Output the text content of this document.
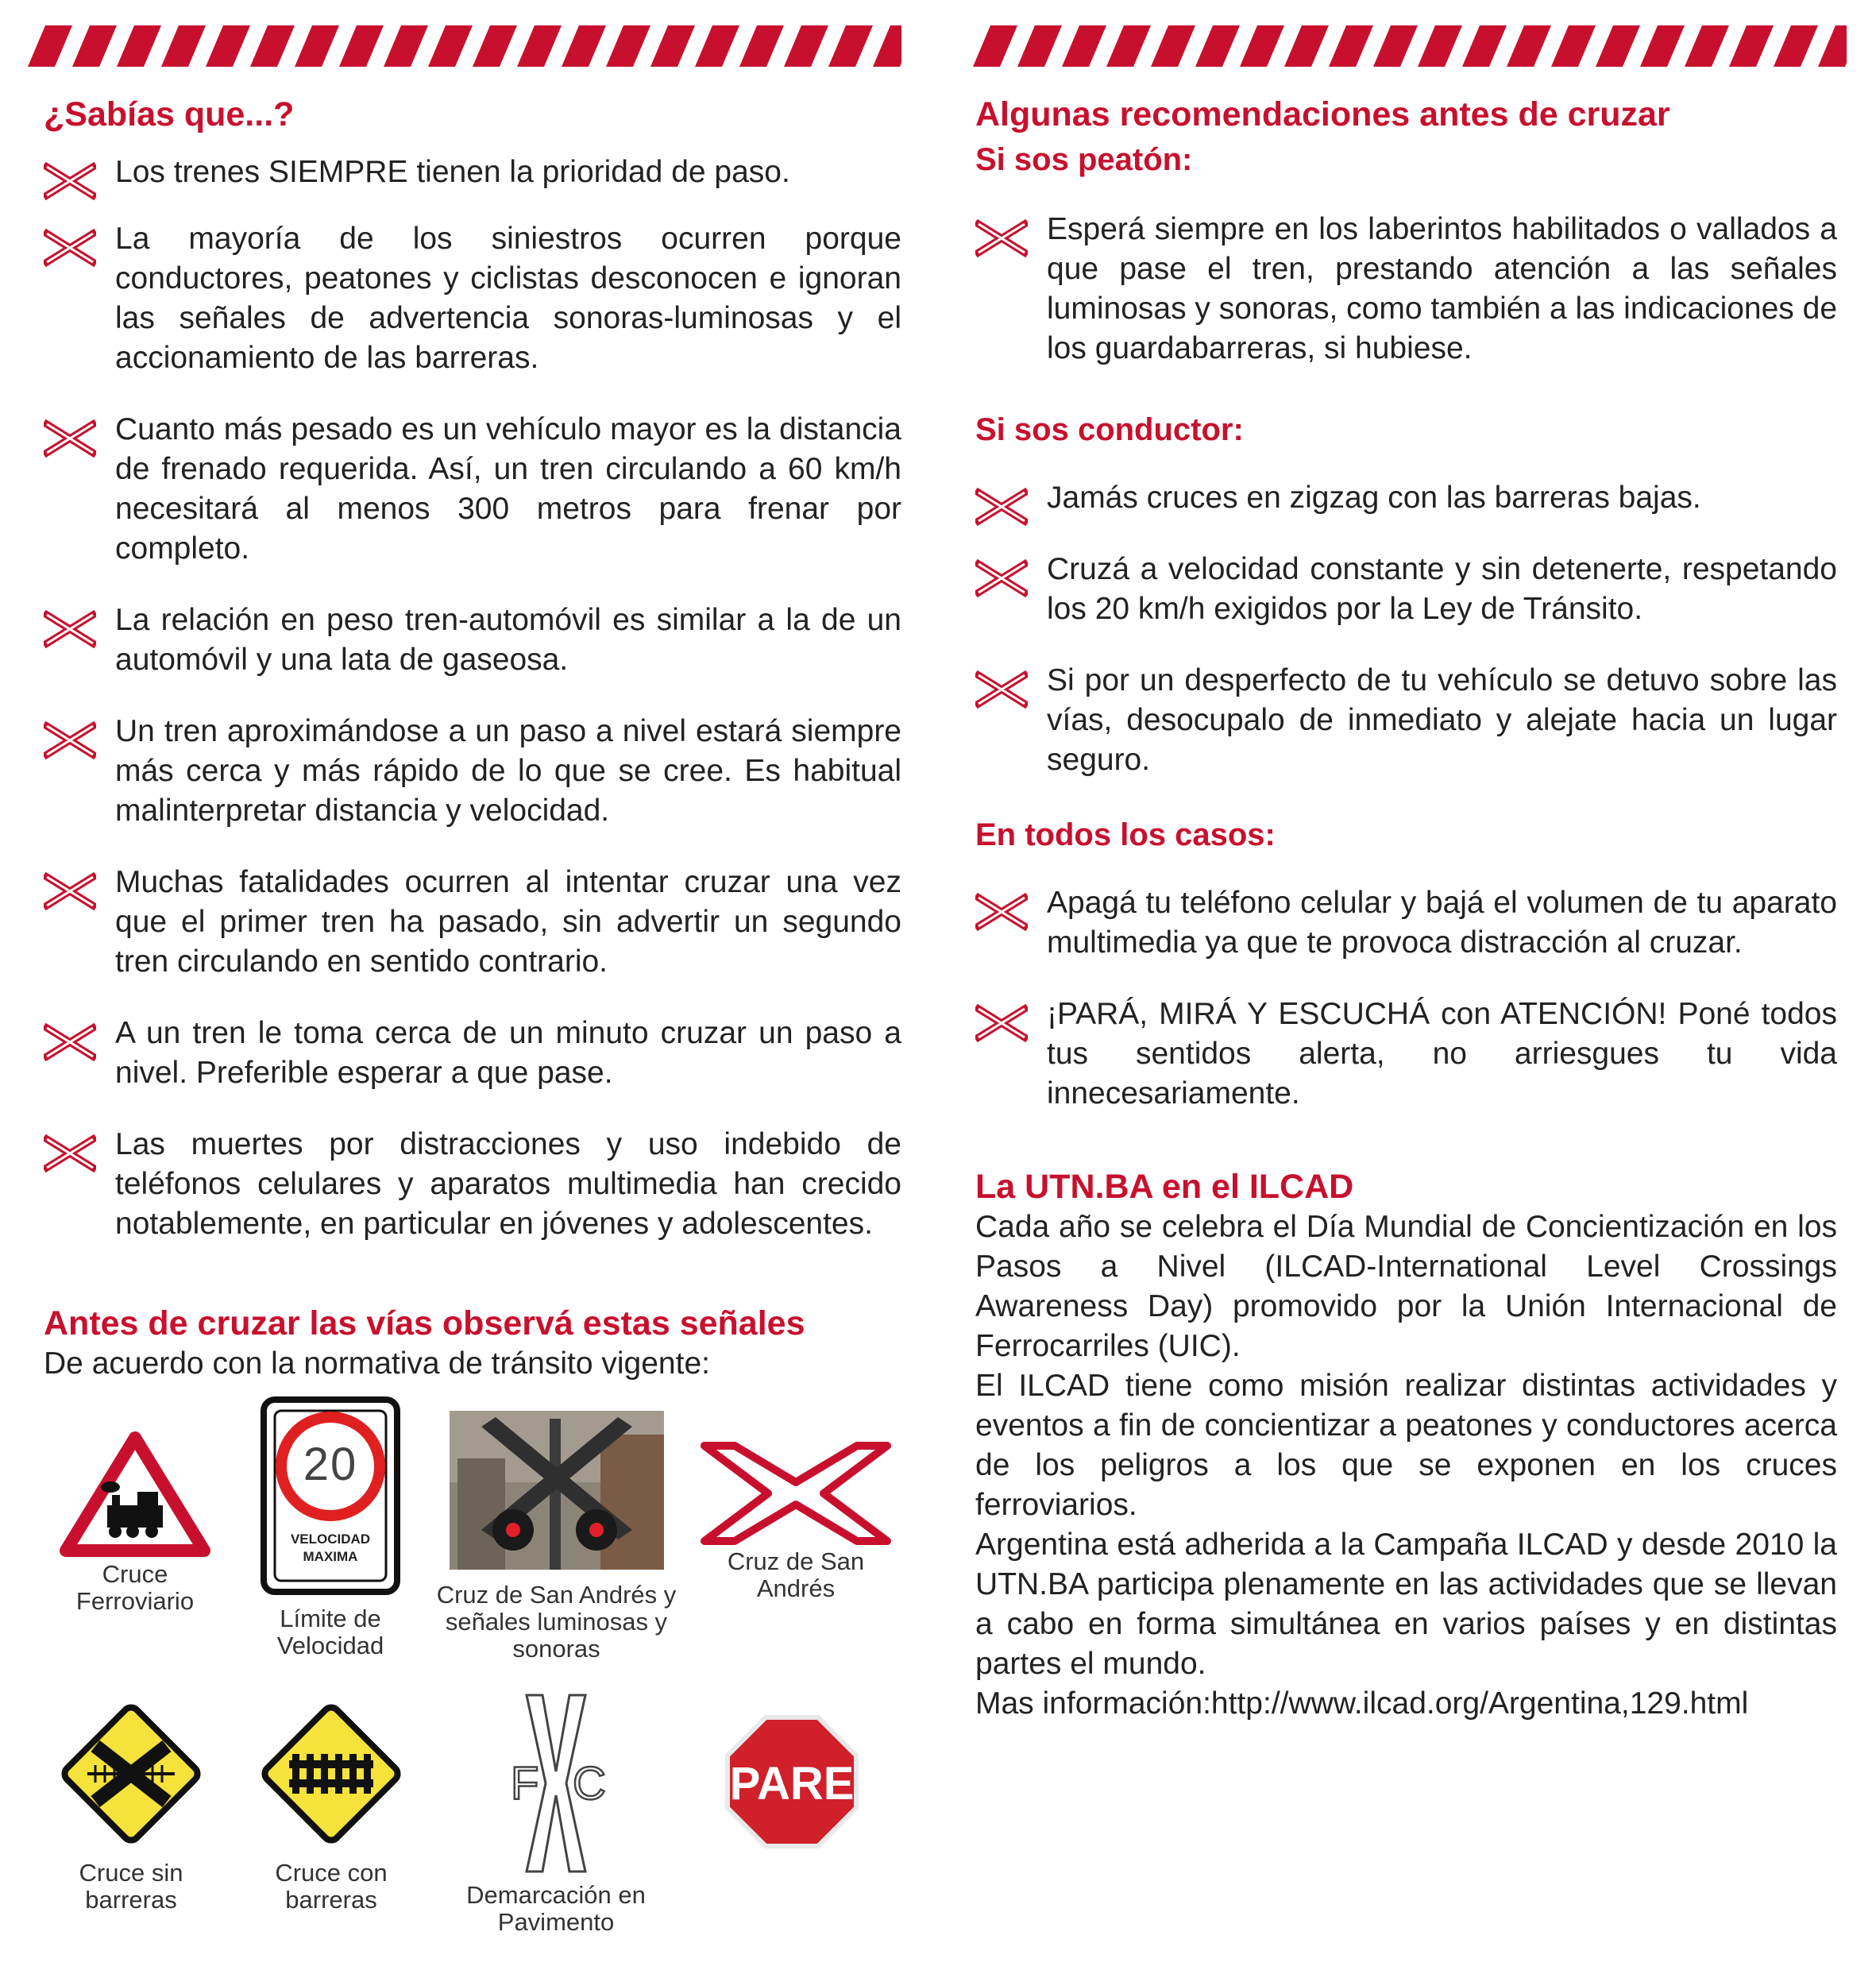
¿Sabías que...?
Los trenes SIEMPRE tienen la prioridad de paso.
La mayoría de los siniestros ocurren porque conductores, peatones y ciclistas desconocen e ignoran las señales de advertencia sonoras-luminosas y el accionamiento de las barreras.
Cuanto más pesado es un vehículo mayor es la distancia de frenado requerida. Así, un tren circulando a 60 km/h necesitará al menos 300 metros para frenar por completo.
La relación en peso tren-automóvil es similar a la de un automóvil y una lata de gaseosa.
Un tren aproximándose a un paso a nivel estará siempre más cerca y más rápido de lo que se cree. Es habitual malinterpretar distancia y velocidad.
Muchas fatalidades ocurren al intentar cruzar una vez que el primer tren ha pasado, sin advertir un segundo tren circulando en sentido contrario.
A un tren le toma cerca de un minuto cruzar un paso a nivel. Preferible esperar a que pase.
Las muertes por distracciones y uso indebido de teléfonos celulares y aparatos multimedia han crecido notablemente, en particular en jóvenes y adolescentes.
Antes de cruzar las vías observá estas señales

De acuerdo con la normativa de tránsito vigente:

Cruce Ferroviario
20
VELOCIDAD
MAXIMA
Límite de Velocidad
Cruz de San Andrés y señales luminosas y sonoras
Cruz de San Andrés
Cruce sin barreras
Cruce con barreras
F C
Demarcación en Pavimento
PARE
Algunas recomendaciones antes de cruzar
Si sos peatón:
Esperá siempre en los laberintos habilitados o vallados a que pase el tren, prestando atención a las señales luminosas y sonoras, como también a las indicaciones de los guardabarreras, si hubiese.
Si sos conductor:
Jamás cruces en zigzag con las barreras bajas.
Cruzá a velocidad constante y sin detenerte, respetando los 20 km/h exigidos por la Ley de Tránsito.
Si por un desperfecto de tu vehículo se detuvo sobre las vías, desocupalo de inmediato y alejate hacia un lugar seguro.
En todos los casos:
Apagá tu teléfono celular y bajá el volumen de tu aparato multimedia ya que te provoca distracción al cruzar.
¡PARÁ, MIRÁ Y ESCUCHÁ con ATENCIÓN! Poné todos tus sentidos alerta, no arriesgues tu vida innecesariamente.
La UTN.BA en el ILCAD

Cada año se celebra el Día Mundial de Concientización en los Pasos a Nivel (ILCAD-International Level Crossings Awareness Day) promovido por la Unión Internacional de Ferrocarriles (UIC).

El ILCAD tiene como misión realizar distintas actividades y eventos a fin de concientizar a peatones y conductores acerca de los peligros a los que se exponen en los cruces ferroviarios.

Argentina está adherida a la Campaña ILCAD y desde 2010 la UTN.BA participa plenamente en las actividades que se llevan a cabo en forma simultánea en varios países y en distintas partes el mundo.

Mas información:http://www.ilcad.org/Argentina,129.html
